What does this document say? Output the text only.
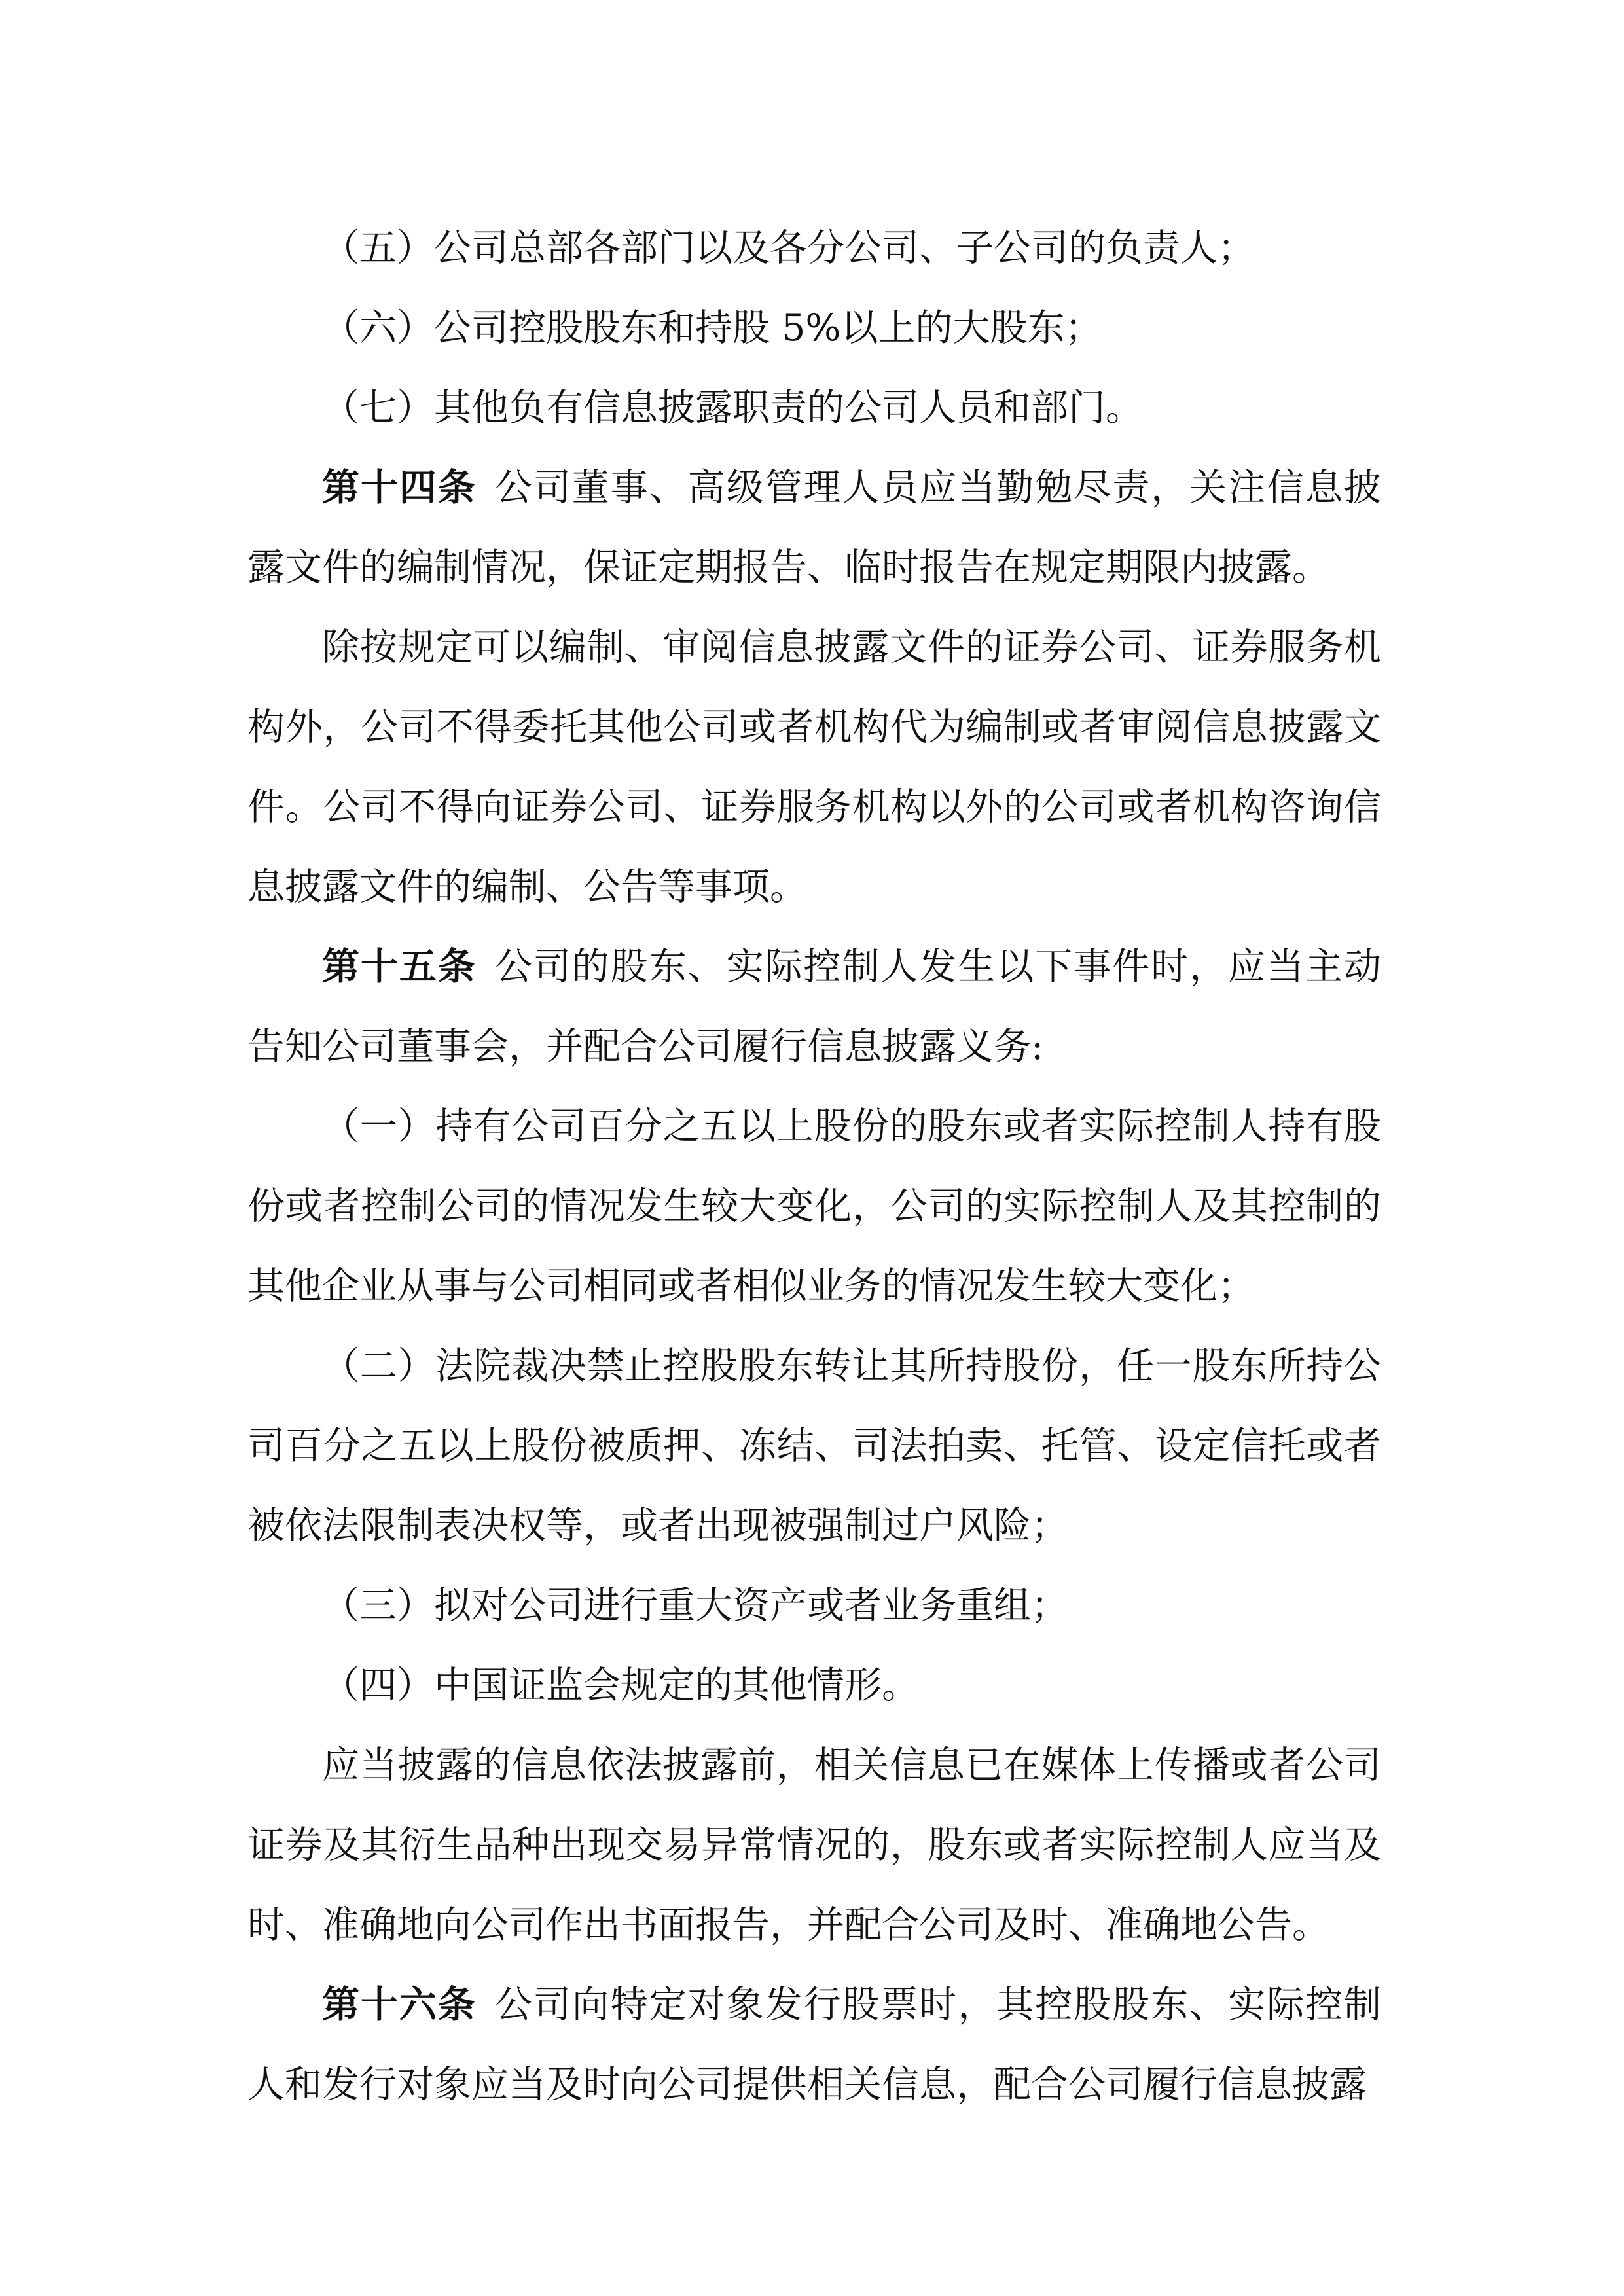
（五）公司总部各部门以及各分公司、子公司的负责人；

（六）公司控股股东和持股 5%以上的大股东；

（七）其他负有信息披露职责的公司人员和部门。

第十四条 公司董事、高级管理人员应当勤勉尽责，关注信息披露文件的编制情况，保证定期报告、临时报告在规定期限内披露。

除按规定可以编制、审阅信息披露文件的证券公司、证券服务机构外，公司不得委托其他公司或者机构代为编制或者审阅信息披露文件。公司不得向证券公司、证券服务机构以外的公司或者机构咨询信息披露文件的编制、公告等事项。

第十五条 公司的股东、实际控制人发生以下事件时，应当主动告知公司董事会，并配合公司履行信息披露义务:

（一）持有公司百分之五以上股份的股东或者实际控制人持有股份或者控制公司的情况发生较大变化，公司的实际控制人及其控制的其他企业从事与公司相同或者相似业务的情况发生较大变化；

（二）法院裁决禁止控股股东转让其所持股份，任一股东所持公司百分之五以上股份被质押、冻结、司法拍卖、托管、设定信托或者被依法限制表决权等，或者出现被强制过户风险；

（三）拟对公司进行重大资产或者业务重组；

（四）中国证监会规定的其他情形。

应当披露的信息依法披露前，相关信息已在媒体上传播或者公司证券及其衍生品种出现交易异常情况的，股东或者实际控制人应当及时、准确地向公司作出书面报告，并配合公司及时、准确地公告。

第十六条 公司向特定对象发行股票时，其控股股东、实际控制人和发行对象应当及时向公司提供相关信息，配合公司履行信息披露
